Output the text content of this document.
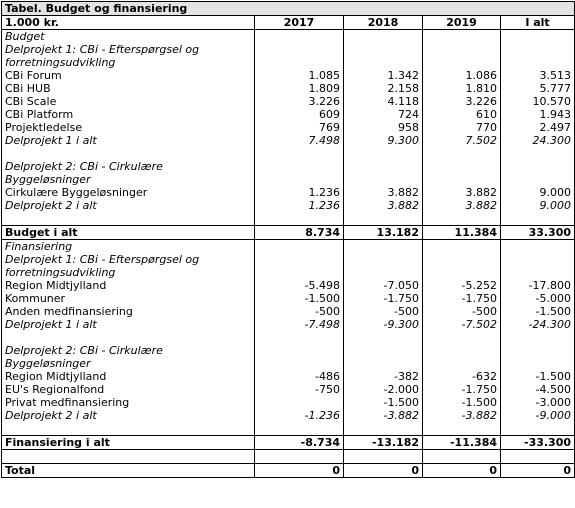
Tabel. Budget og finansiering				
1.000 kr.	2017	2018	2019	I alt
Budget				
Delprojekt 1: CBi - Efterspørgsel og				
forretningsudvikling				
CBi Forum	1.085	1.342	1.086	3.513
CBi HUB	1.809	2.158	1.810	5.777
CBi Scale	3.226	4.118	3.226	10.570
CBi Platform	609	724	610	1.943
Projektledelse	769	958	770	2.497
Delprojekt 1 i alt	7.498	9.300	7.502	24.300

Delprojekt 2: CBi - Cirkulære				
Byggeløsninger				
Cirkulære Byggeløsninger	1.236	3.882	3.882	9.000
Delprojekt 2 i alt	1.236	3.882	3.882	9.000

Budget i alt	8.734	13.182	11.384	33.300
Finansiering				
Delprojekt 1: CBi - Efterspørgsel og				
forretningsudvikling				
Region Midtjylland	-5.498	-7.050	-5.252	-17.800
Kommuner	-1.500	-1.750	-1.750	-5.000
Anden medfinansiering	-500	-500	-500	-1.500
Delprojekt 1 i alt	-7.498	-9.300	-7.502	-24.300

Delprojekt 2: CBi - Cirkulære				
Byggeløsninger				
Region Midtjylland	-486	-382	-632	-1.500
EU's Regionalfond	-750	-2.000	-1.750	-4.500
Privat medfinansiering		-1.500	-1.500	-3.000
Delprojekt 2 i alt	-1.236	-3.882	-3.882	-9.000

Finansiering i alt	-8.734	-13.182	-11.384	-33.300

Total	0	0	0	0
